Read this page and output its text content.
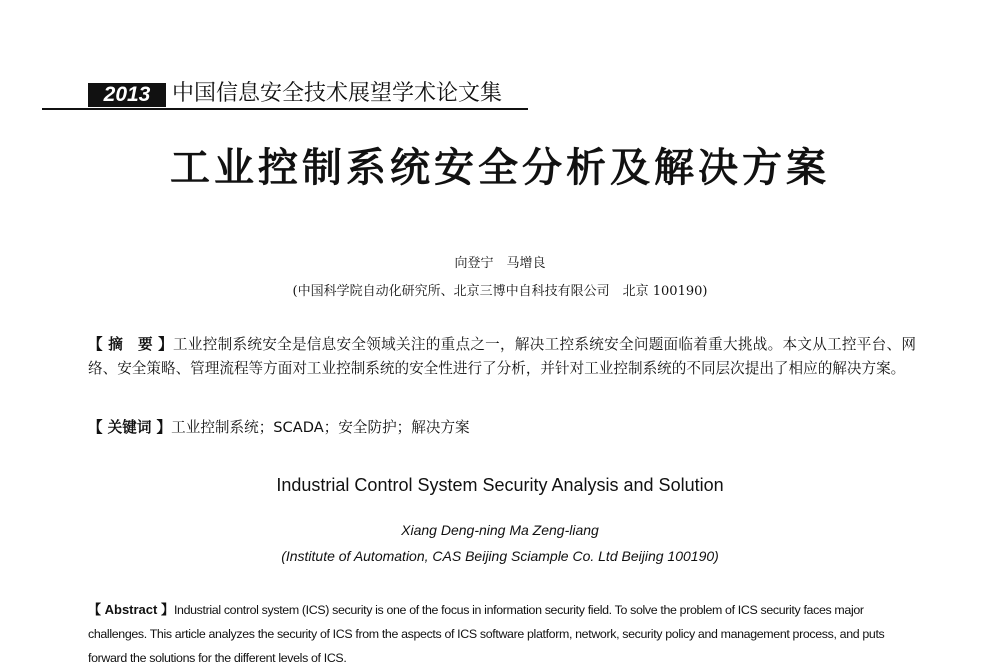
2013 中国信息安全技术展望学术论文集
工业控制系统安全分析及解决方案
向登宁　马增良
(中国科学院自动化研究所、北京三博中自科技有限公司　北京 100190)
【 摘　要 】工业控制系统安全是信息安全领域关注的重点之一，解决工控系统安全问题面临着重大挑战。本文从工控平台、网络、安全策略、管理流程等方面对工业控制系统的安全性进行了分析，并针对工业控制系统的不同层次提出了相应的解决方案。
【 关键词 】工业控制系统；SCADA；安全防护；解决方案
Industrial Control System Security Analysis and Solution
Xiang Deng-ning Ma Zeng-liang
(Institute of Automation, CAS Beijing Sciample Co. Ltd Beijing 100190)
【 Abstract 】Industrial control system (ICS) security is one of the focus in information security field. To solve the problem of ICS security faces major challenges. This article analyzes the security of ICS from the aspects of ICS software platform, network, security policy and management process, and puts forward the solutions for the different levels of ICS.
